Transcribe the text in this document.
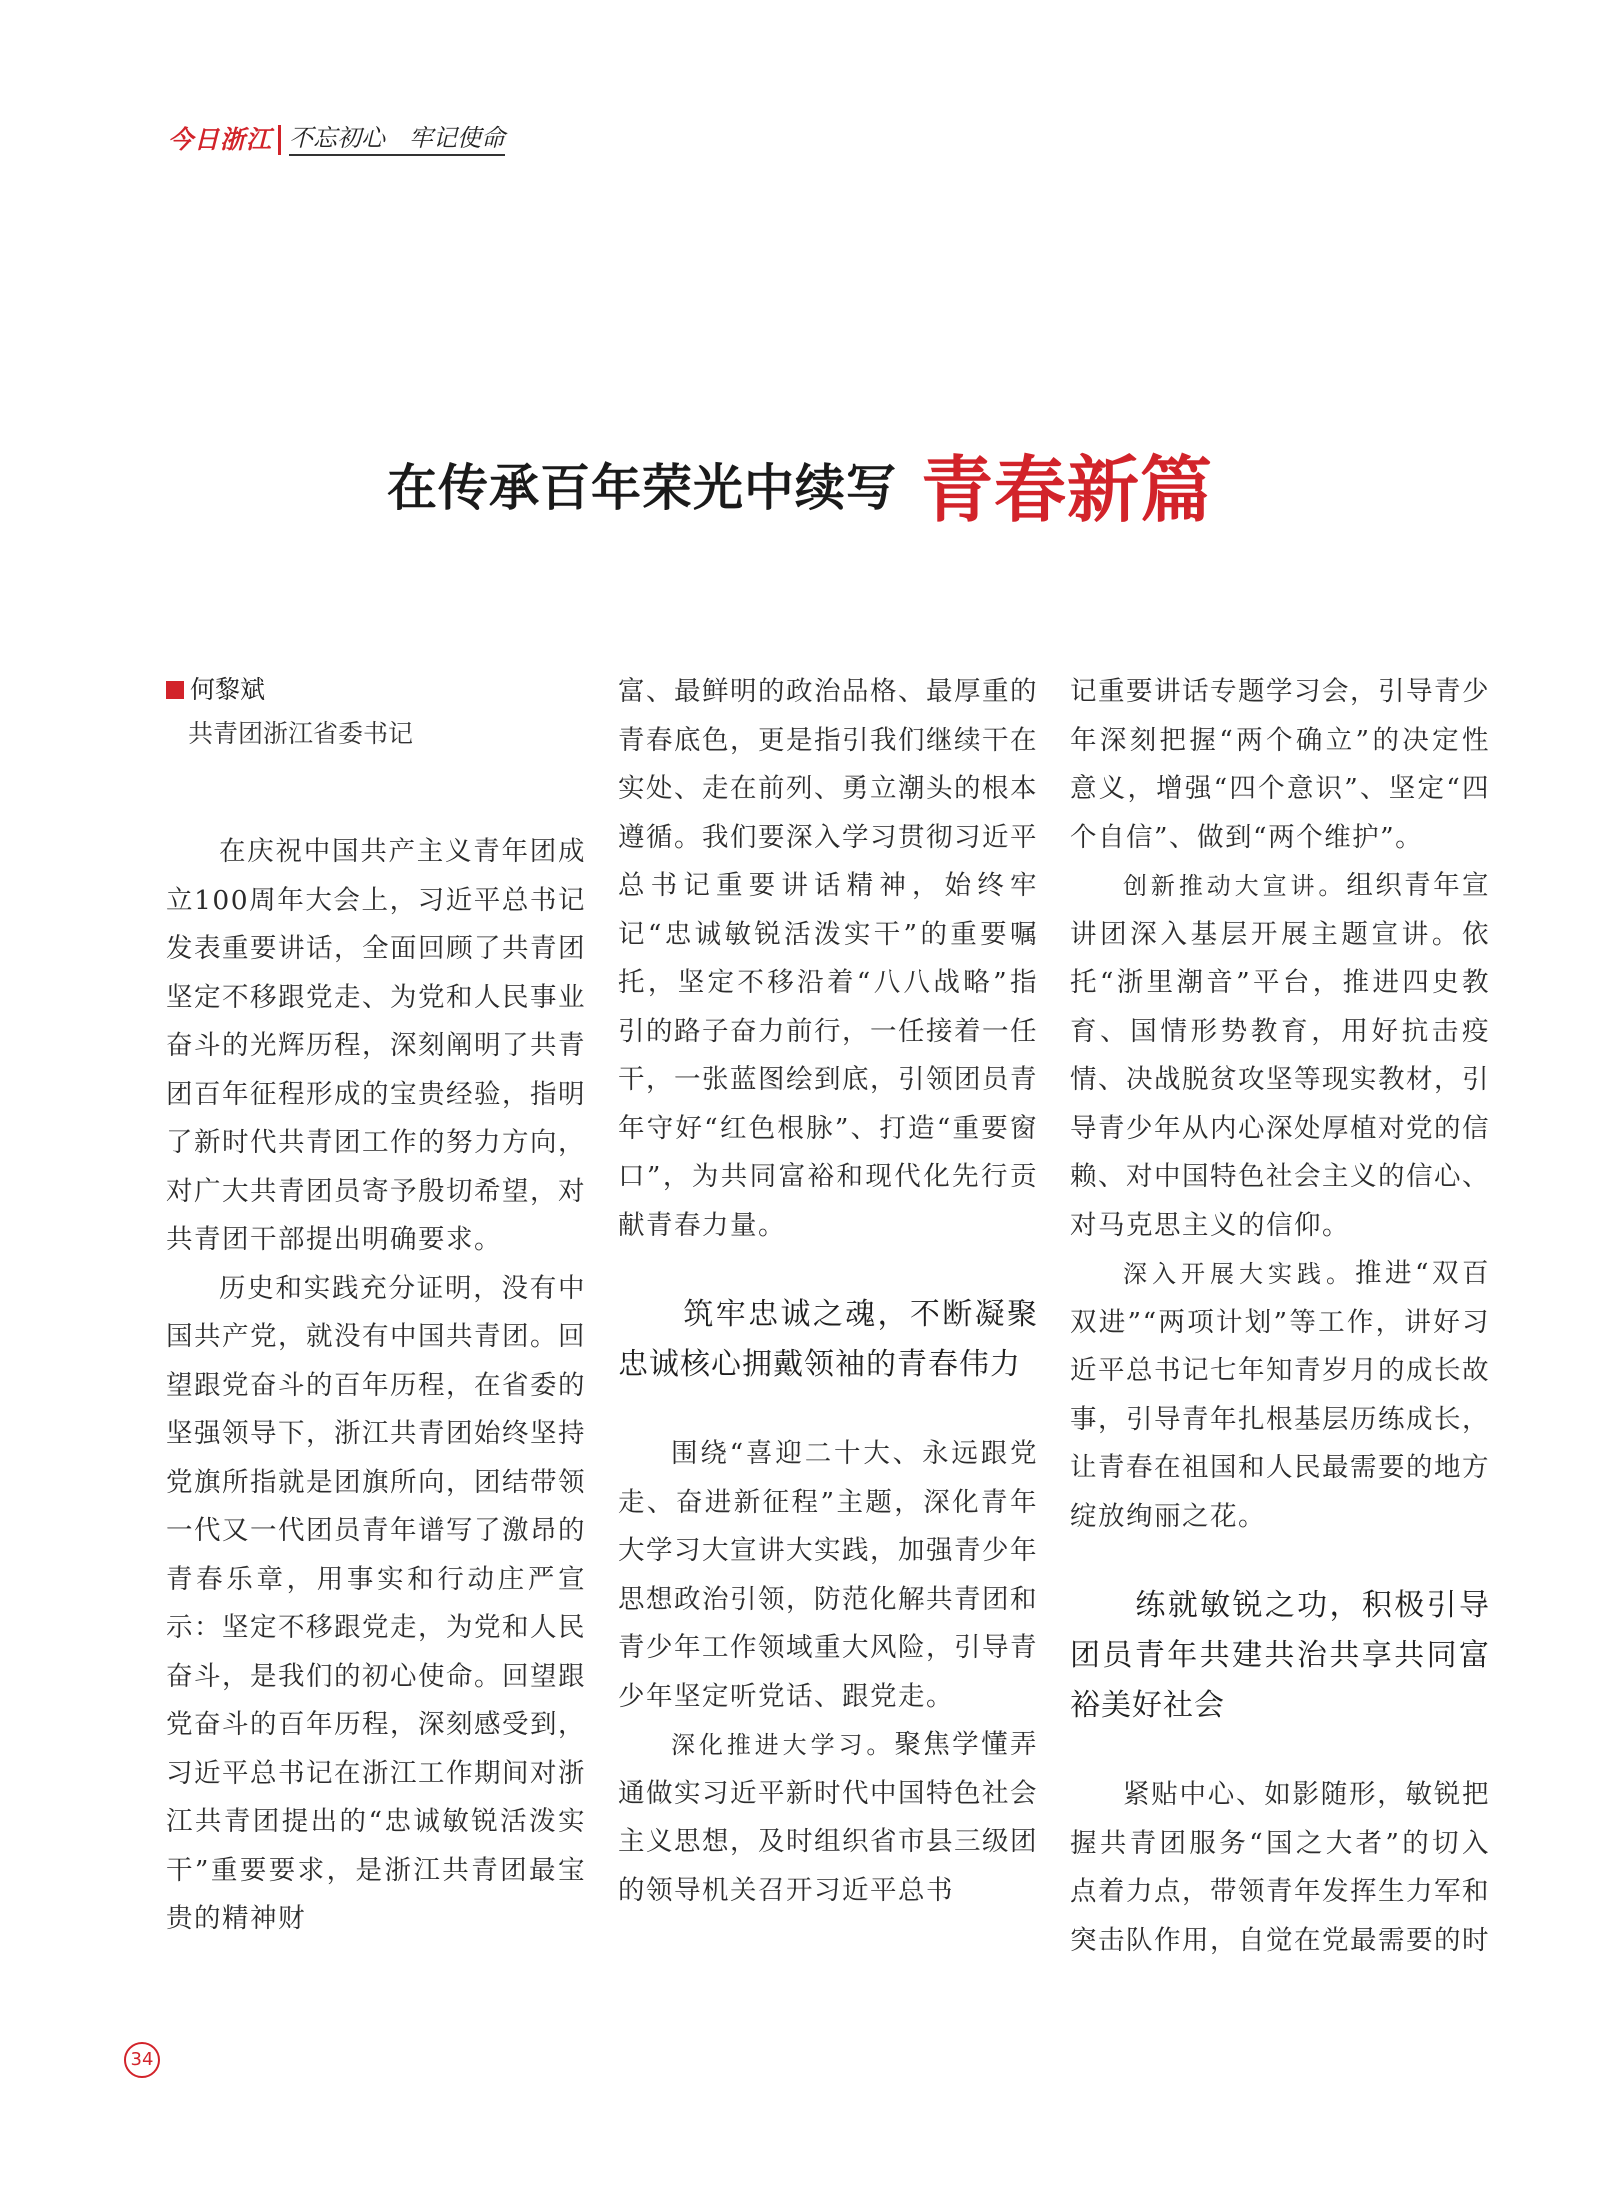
今日浙江 不忘初心　牢记使命
在传承百年荣光中续写 青春新篇
何黎斌
共青团浙江省委书记

在庆祝中国共产主义青年团成立100周年大会上，习近平总书记发表重要讲话，全面回顾了共青团坚定不移跟党走、为党和人民事业奋斗的光辉历程，深刻阐明了共青团百年征程形成的宝贵经验，指明了新时代共青团工作的努力方向，对广大共青团员寄予殷切希望，对共青团干部提出明确要求。

历史和实践充分证明，没有中国共产党，就没有中国共青团。回望跟党奋斗的百年历程，在省委的坚强领导下，浙江共青团始终坚持党旗所指就是团旗所向，团结带领一代又一代团员青年谱写了激昂的青春乐章，用事实和行动庄严宣示：坚定不移跟党走，为党和人民奋斗，是我们的初心使命。回望跟党奋斗的百年历程，深刻感受到，习近平总书记在浙江工作期间对浙江共青团提出的“忠诚敏锐活泼实干”重要要求，是浙江共青团最宝贵的精神财

富、最鲜明的政治品格、最厚重的青春底色，更是指引我们继续干在实处、走在前列、勇立潮头的根本遵循。我们要深入学习贯彻习近平总书记重要讲话精神，始终牢记“忠诚敏锐活泼实干”的重要嘱托，坚定不移沿着“八八战略”指引的路子奋力前行，一任接着一任干，一张蓝图绘到底，引领团员青年守好“红色根脉”、打造“重要窗口”，为共同富裕和现代化先行贡献青春力量。

筑牢忠诚之魂，不断凝聚忠诚核心拥戴领袖的青春伟力

围绕“喜迎二十大、永远跟党走、奋进新征程”主题，深化青年大学习大宣讲大实践，加强青少年思想政治引领，防范化解共青团和青少年工作领域重大风险，引导青少年坚定听党话、跟党走。

深化推进大学习。聚焦学懂弄通做实习近平新时代中国特色社会主义思想，及时组织省市县三级团的领导机关召开习近平总书

记重要讲话专题学习会，引导青少年深刻把握“两个确立”的决定性意义，增强“四个意识”、坚定“四个自信”、做到“两个维护”。

创新推动大宣讲。组织青年宣讲团深入基层开展主题宣讲。依托“浙里潮音”平台，推进四史教育、国情形势教育，用好抗击疫情、决战脱贫攻坚等现实教材，引导青少年从内心深处厚植对党的信赖、对中国特色社会主义的信心、对马克思主义的信仰。

深入开展大实践。推进“双百双进”“两项计划”等工作，讲好习近平总书记七年知青岁月的成长故事，引导青年扎根基层历练成长，让青春在祖国和人民最需要的地方绽放绚丽之花。

练就敏锐之功，积极引导团员青年共建共治共享共同富裕美好社会

紧贴中心、如影随形，敏锐把握共青团服务“国之大者”的切入点着力点，带领青年发挥生力军和突击队作用，自觉在党最需要的时

34
